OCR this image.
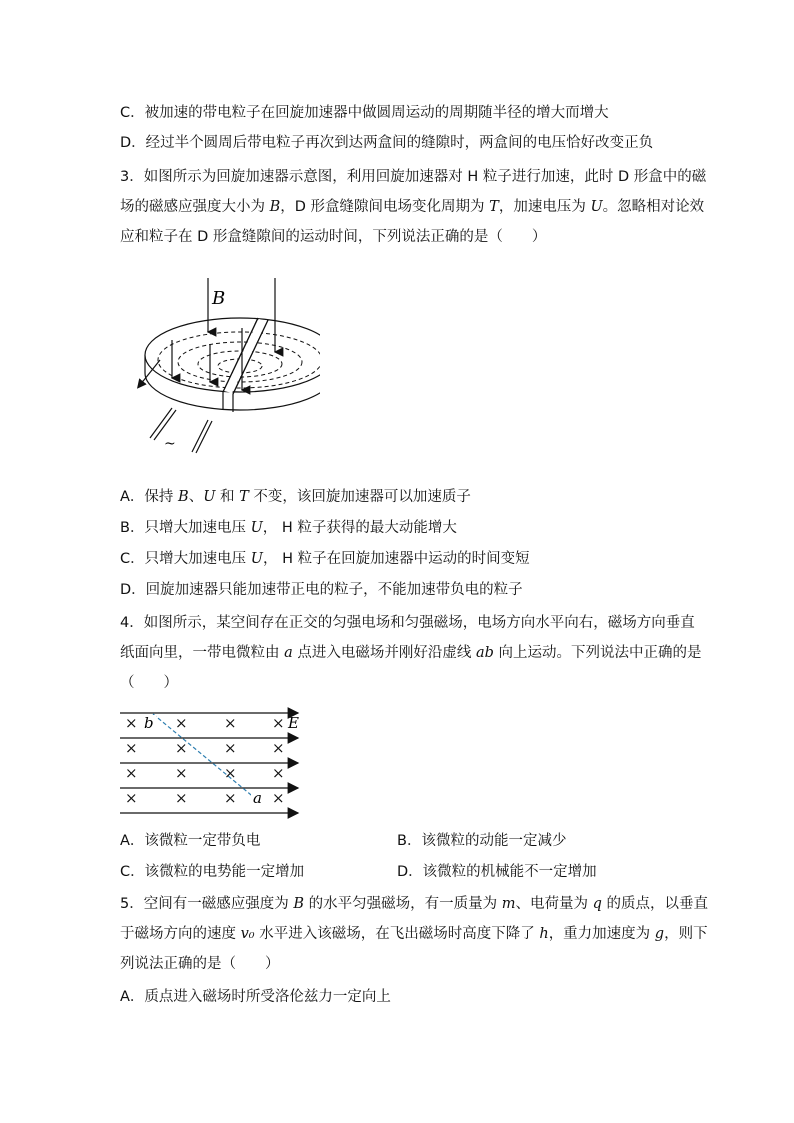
C．被加速的带电粒子在回旋加速器中做圆周运动的周期随半径的增大而增大
D．经过半个圆周后带电粒子再次到达两盒间的缝隙时，两盒间的电压恰好改变正负
3．如图所示为回旋加速器示意图，利用回旋加速器对 H 粒子进行加速，此时 D 形盒中的磁
场的磁感应强度大小为 B，D 形盒缝隙间电场变化周期为 T，加速电压为 U。忽略相对论效
应和粒子在 D 形盒缝隙间的运动时间，下列说法正确的是（　　）
B
~
A．保持 B、U 和 T 不变，该回旋加速器可以加速质子
B．只增大加速电压 U， H 粒子获得的最大动能增大
C．只增大加速电压 U， H 粒子在回旋加速器中运动的时间变短
D．回旋加速器只能加速带正电的粒子，不能加速带负电的粒子
4．如图所示，某空间存在正交的匀强电场和匀强磁场，电场方向水平向右，磁场方向垂直
纸面向里，一带电微粒由 a 点进入电磁场并刚好沿虚线 ab 向上运动。下列说法中正确的是
（　　）
× × × ×
× × × ×
× × × ×
× × × ×
b
a
E
A．该微粒一定带负电	B．该微粒的动能一定减少
C．该微粒的电势能一定增加	D．该微粒的机械能不一定增加
5．空间有一磁感应强度为 B 的水平匀强磁场，有一质量为 m、电荷量为 q 的质点，以垂直
于磁场方向的速度 v₀ 水平进入该磁场，在飞出磁场时高度下降了 h，重力加速度为 g，则下
列说法正确的是（　　）
A．质点进入磁场时所受洛伦兹力一定向上
